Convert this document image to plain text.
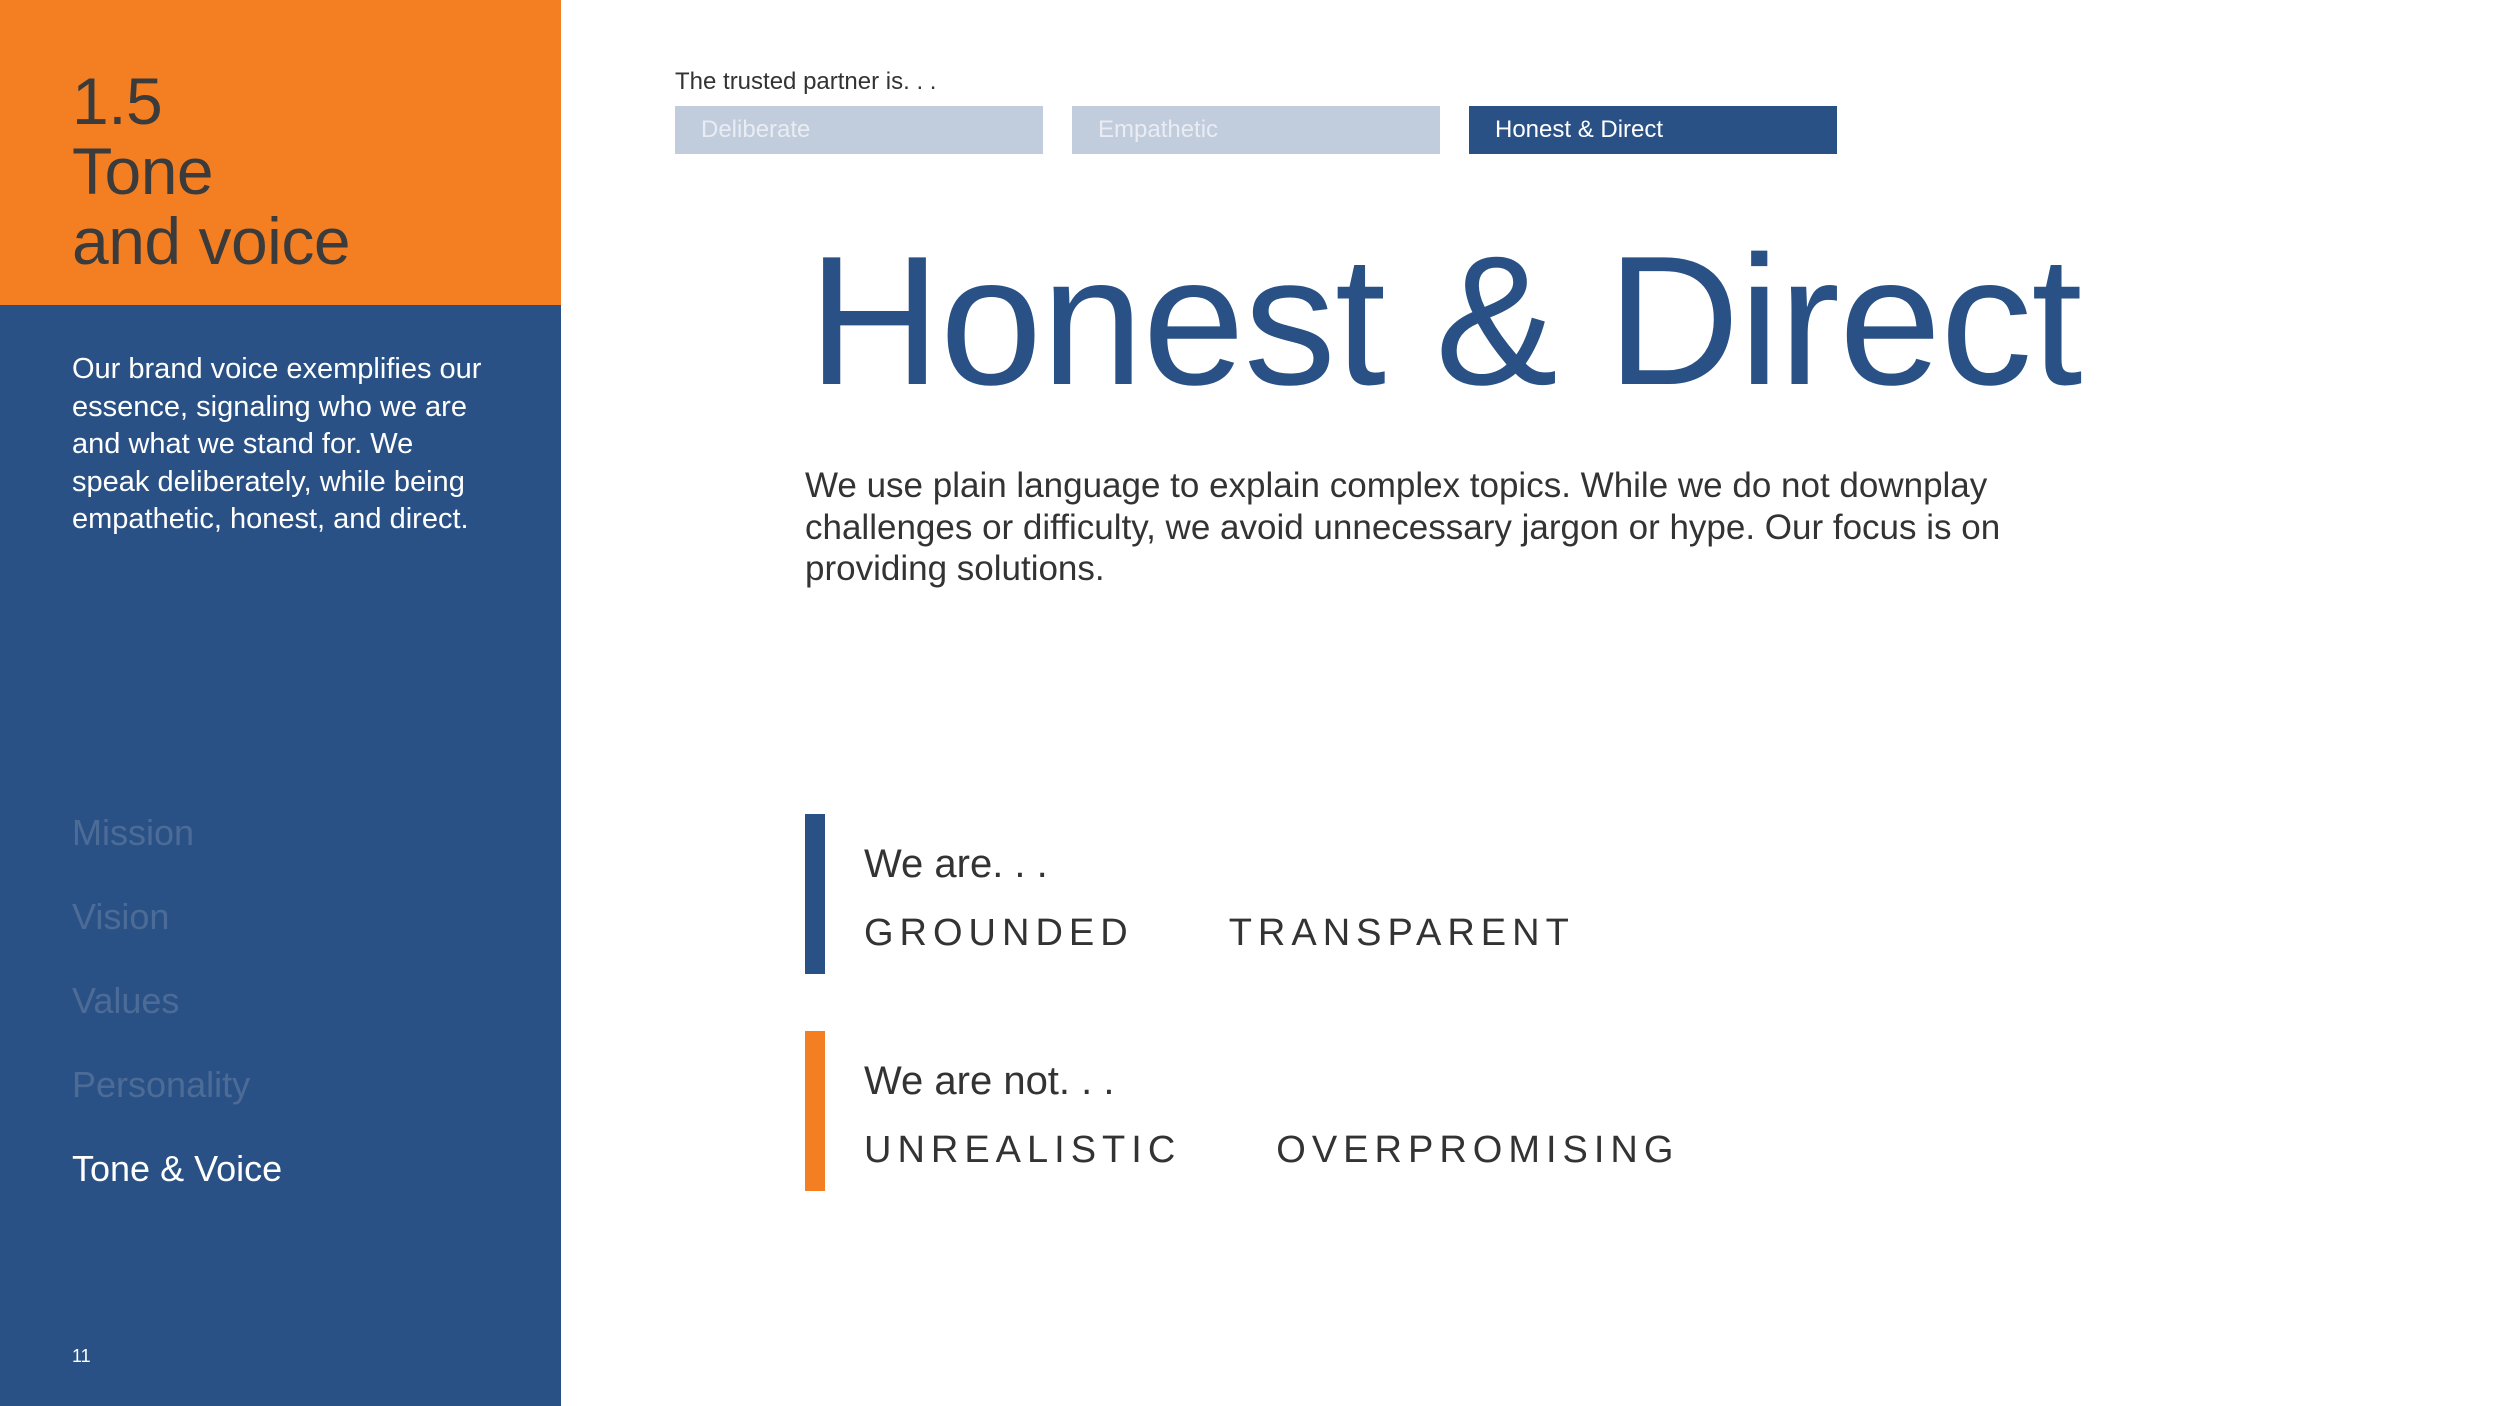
1.5
Tone
and voice

Our brand voice exemplifies our essence, signaling who we are and what we stand for. We speak deliberately, while being empathetic, honest, and direct.

Mission
Vision
Values
Personality
Tone & Voice
11

The trusted partner is. . .

Deliberate	Empathetic	Honest & Direct
Honest & Direct

We use plain language to explain complex topics. While we do not downplay challenges or difficulty, we avoid unnecessary jargon or hype. Our focus is on providing solutions.

We are. . .
GROUNDED	TRANSPARENT
We are not. . .
UNREALISTIC	OVERPROMISING
